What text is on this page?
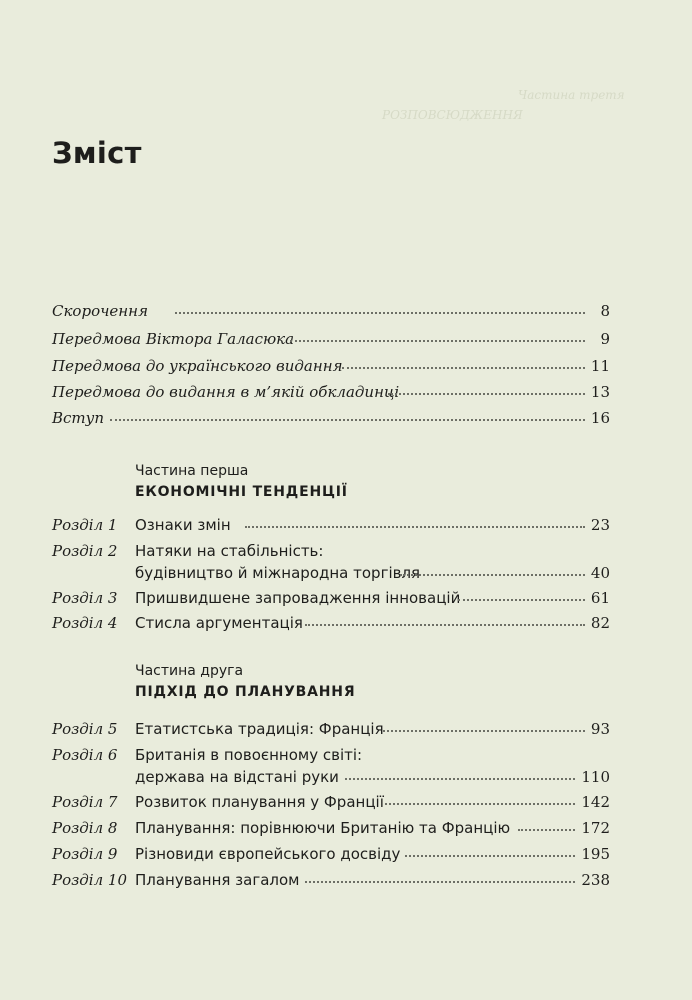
Частина третя
РОЗПОВСЮДЖЕННЯ
Зміст
Скорочення	8
Передмова Віктора Галасюка	9
Передмова до українського видання	11
Передмова до видання в м’якій обкладинці	13
Вступ	16
Частина перша
ЕКОНОМІЧНІ ТЕНДЕНЦІЇ
Розділ 1 Ознаки змін	23
Розділ 2 Натяки на стабільність:
будівництво й міжнародна торгівля	40
Розділ 3 Пришвидшене запровадження інновацій	61
Розділ 4 Стисла аргументація	82
Частина друга
ПІДХІД ДО ПЛАНУВАННЯ
Розділ 5 Етатистська традиція: Франція	93
Розділ 6 Британія в повоєнному світі:
держава на відстані руки	110
Розділ 7 Розвиток планування у Франції	142
Розділ 8 Планування: порівнюючи Британію та Францію	172
Розділ 9 Різновиди європейського досвіду	195
Розділ 10 Планування загалом	238
